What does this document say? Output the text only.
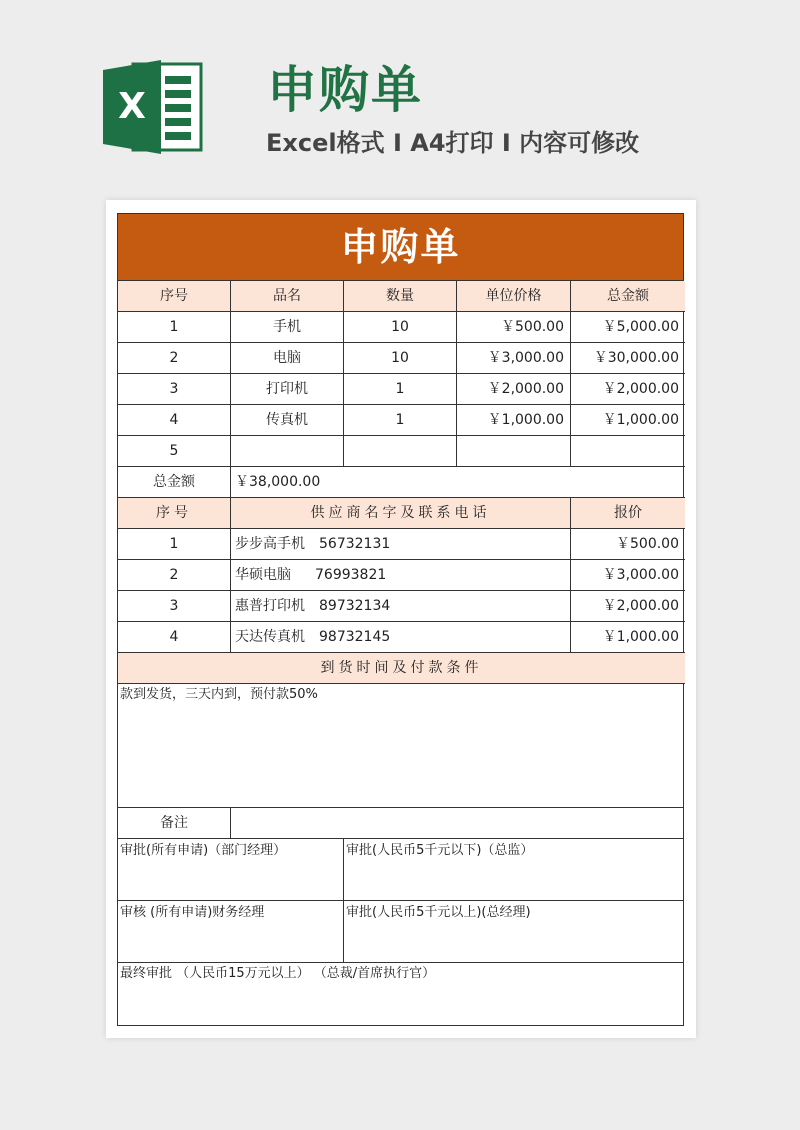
X 申购单
Excel格式 I A4打印 I 内容可修改
申购单
序号	品名	数量	单位价格	总金额
1	手机	10	￥500.00	￥5,000.00
2	电脑	10	￥3,000.00	￥30,000.00
3	打印机	1	￥2,000.00	￥2,000.00
4	传真机	1	￥1,000.00	￥1,000.00
5
总金额	￥38,000.00
序号	供应商名字及联系电话	报价
1	步步高手机 56732131	￥500.00
2	华硕电脑 76993821	￥3,000.00
3	惠普打印机 89732134	￥2,000.00
4	天达传真机 98732145	￥1,000.00
到货时间及付款条件
款到发货，三天内到，预付款50%
备注
审批(所有申请)（部门经理）	审批(人民币5千元以下)（总监）
审核 (所有申请)财务经理	审批(人民币5千元以上)(总经理)
最终审批 （人民币15万元以上） （总裁/首席执行官）
